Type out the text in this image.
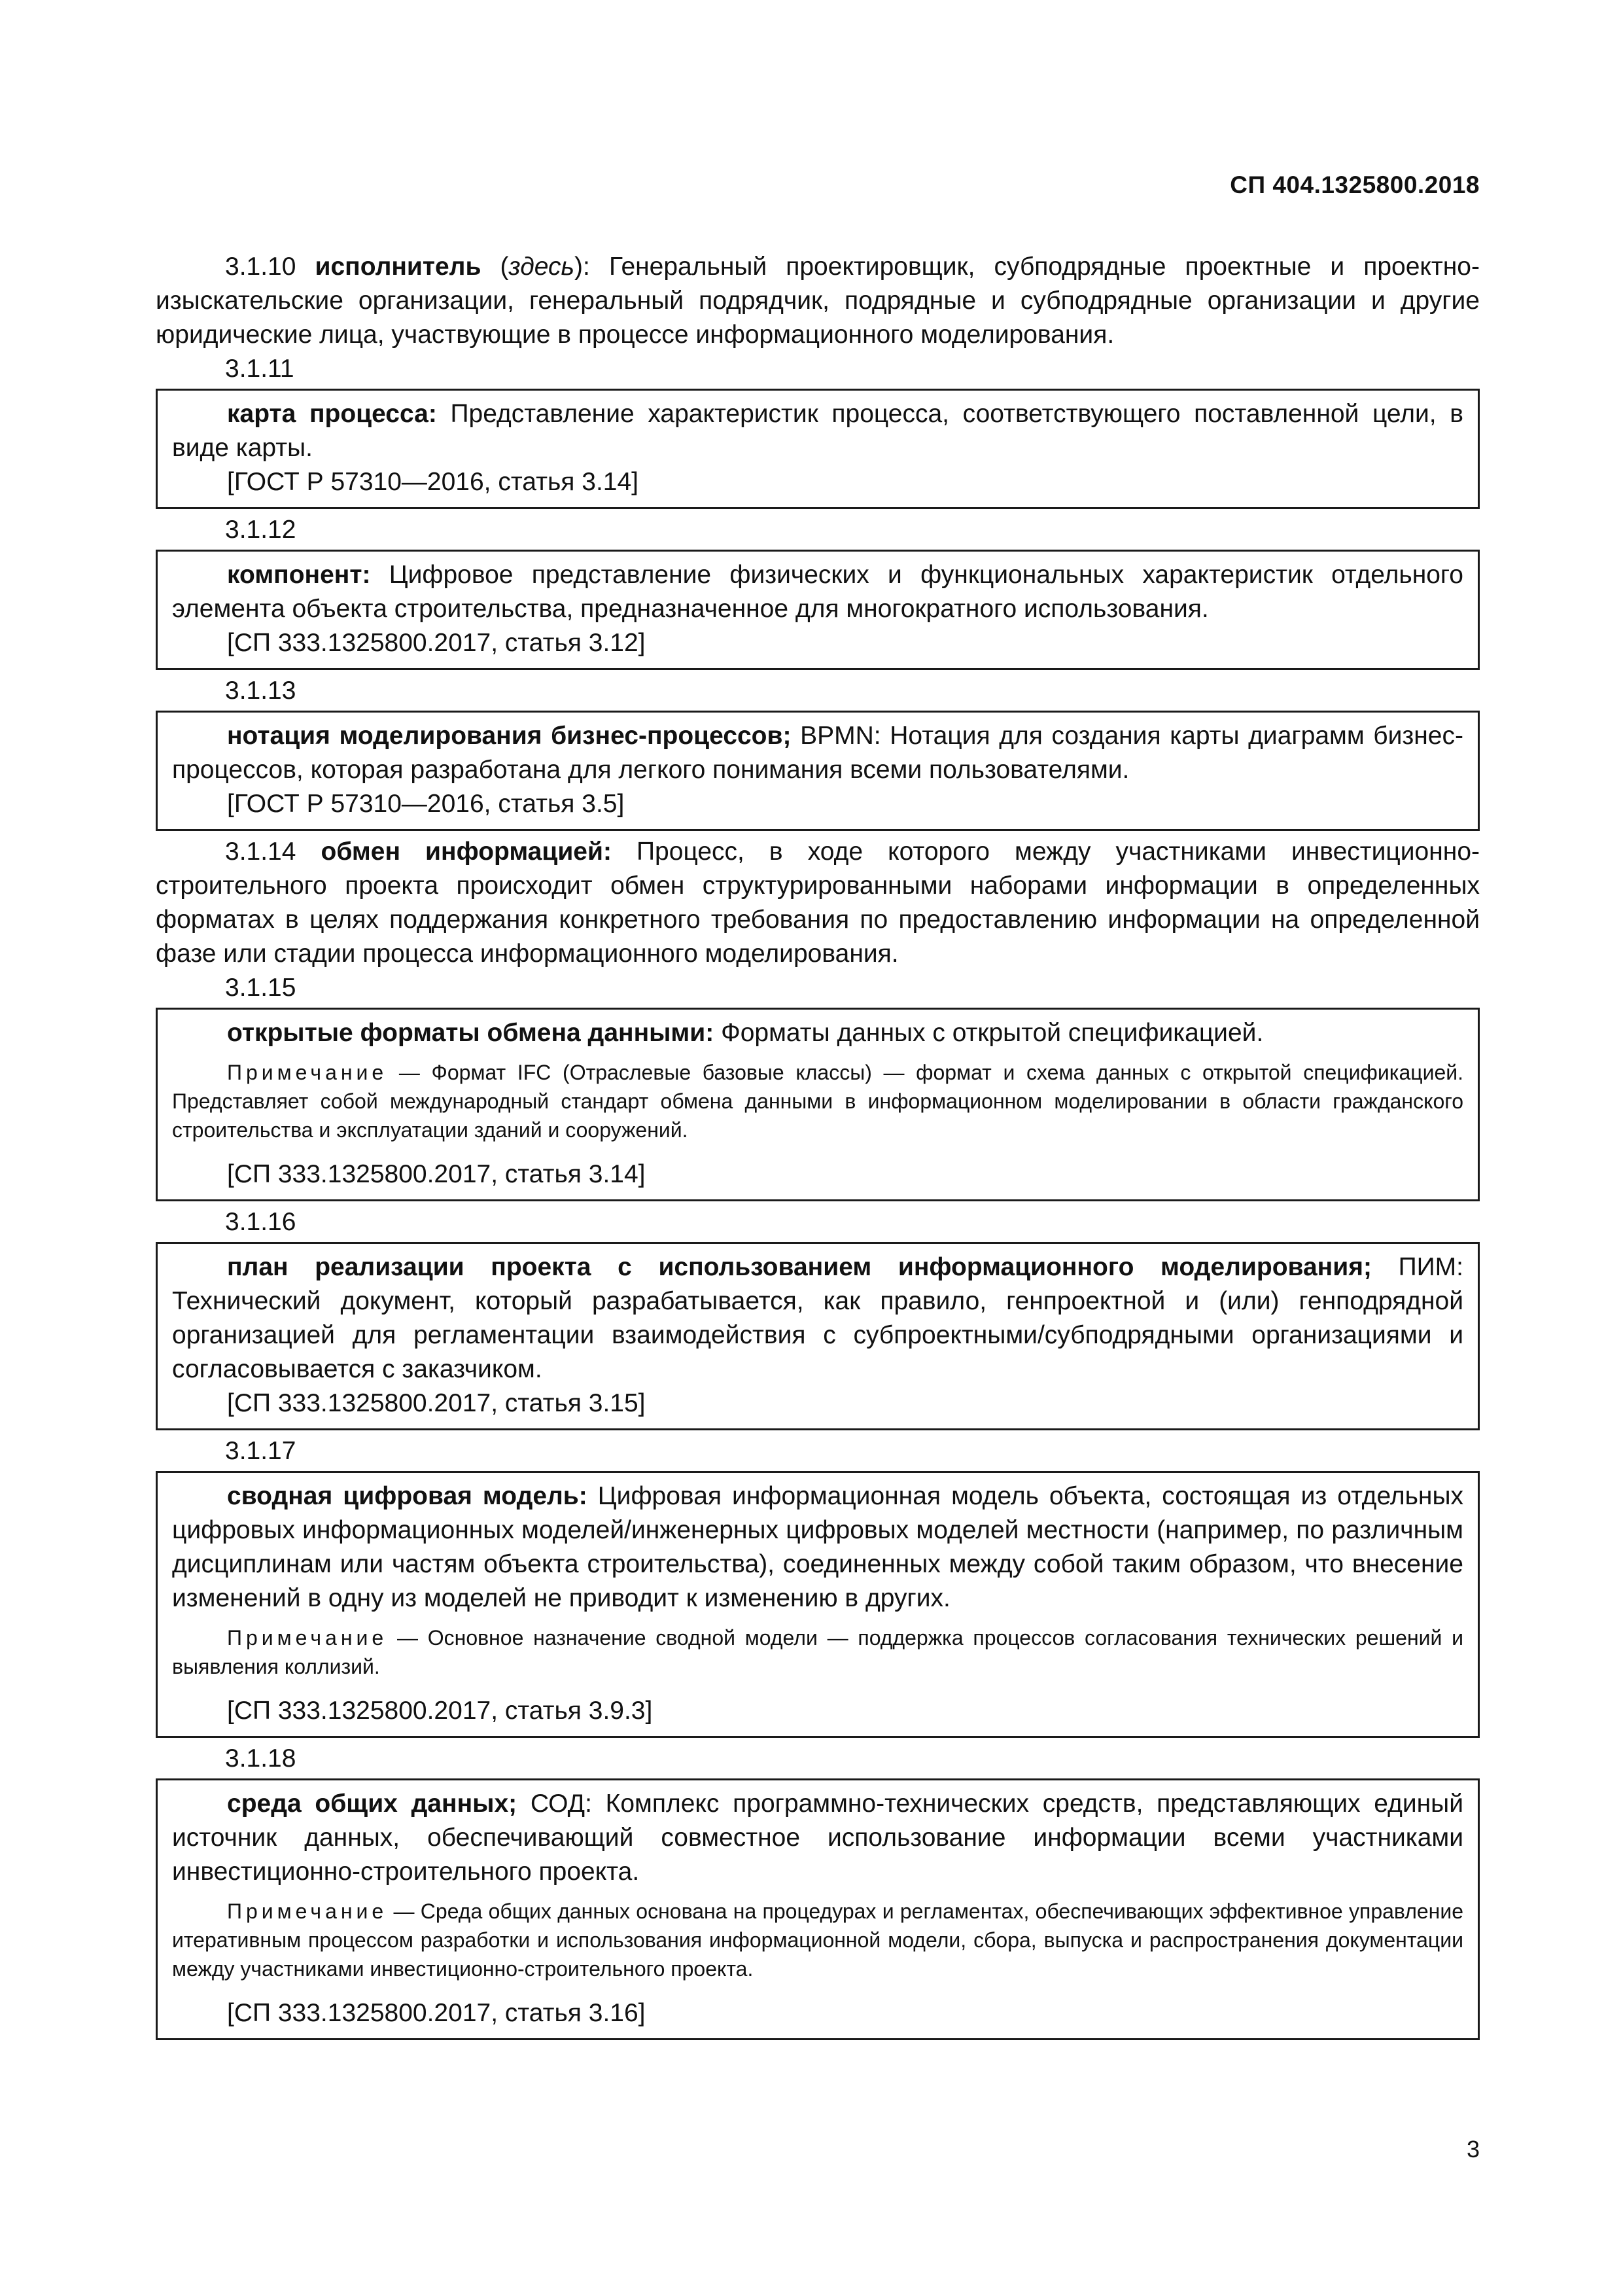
СП 404.1325800.2018

3.1.10 исполнитель (здесь): Генеральный проектировщик, субподрядные проектные и проектно-изыскательские организации, генеральный подрядчик, подрядные и субподрядные организации и другие юридические лица, участвующие в процессе информационного моделирования.

3.1.11

карта процесса: Представление характеристик процесса, соответствующего поставленной цели, в виде карты.

[ГОСТ Р 57310—2016, статья 3.14]

3.1.12

компонент: Цифровое представление физических и функциональных характеристик отдельного элемента объекта строительства, предназначенное для многократного использования.

[СП 333.1325800.2017, статья 3.12]

3.1.13

нотация моделирования бизнес-процессов; BPMN: Нотация для создания карты диаграмм бизнес-процессов, которая разработана для легкого понимания всеми пользователями.

[ГОСТ Р 57310—2016, статья 3.5]

3.1.14 обмен информацией: Процесс, в ходе которого между участниками инвестиционно-строительного проекта происходит обмен структурированными наборами информации в определенных форматах в целях поддержания конкретного требования по предоставлению информации на определенной фазе или стадии процесса информационного моделирования.

3.1.15

открытые форматы обмена данными: Форматы данных с открытой спецификацией.

Примечание — Формат IFC (Отраслевые базовые классы) — формат и схема данных с открытой спецификацией. Представляет собой международный стандарт обмена данными в информационном моделировании в области гражданского строительства и эксплуатации зданий и сооружений.

[СП 333.1325800.2017, статья 3.14]

3.1.16

план реализации проекта с использованием информационного моделирования; ПИМ: Технический документ, который разрабатывается, как правило, генпроектной и (или) генподрядной организацией для регламентации взаимодействия с субпроектными/субподрядными организациями и согласовывается с заказчиком.

[СП 333.1325800.2017, статья 3.15]

3.1.17

сводная цифровая модель: Цифровая информационная модель объекта, состоящая из отдельных цифровых информационных моделей/инженерных цифровых моделей местности (например, по различным дисциплинам или частям объекта строительства), соединенных между собой таким образом, что внесение изменений в одну из моделей не приводит к изменению в других.

Примечание — Основное назначение сводной модели — поддержка процессов согласования технических решений и выявления коллизий.

[СП 333.1325800.2017, статья 3.9.3]

3.1.18

среда общих данных; СОД: Комплекс программно-технических средств, представляющих единый источник данных, обеспечивающий совместное использование информации всеми участниками инвестиционно-строительного проекта.

Примечание — Среда общих данных основана на процедурах и регламентах, обеспечивающих эффективное управление итеративным процессом разработки и использования информационной модели, сбора, выпуска и распространения документации между участниками инвестиционно-строительного проекта.

[СП 333.1325800.2017, статья 3.16]

3
